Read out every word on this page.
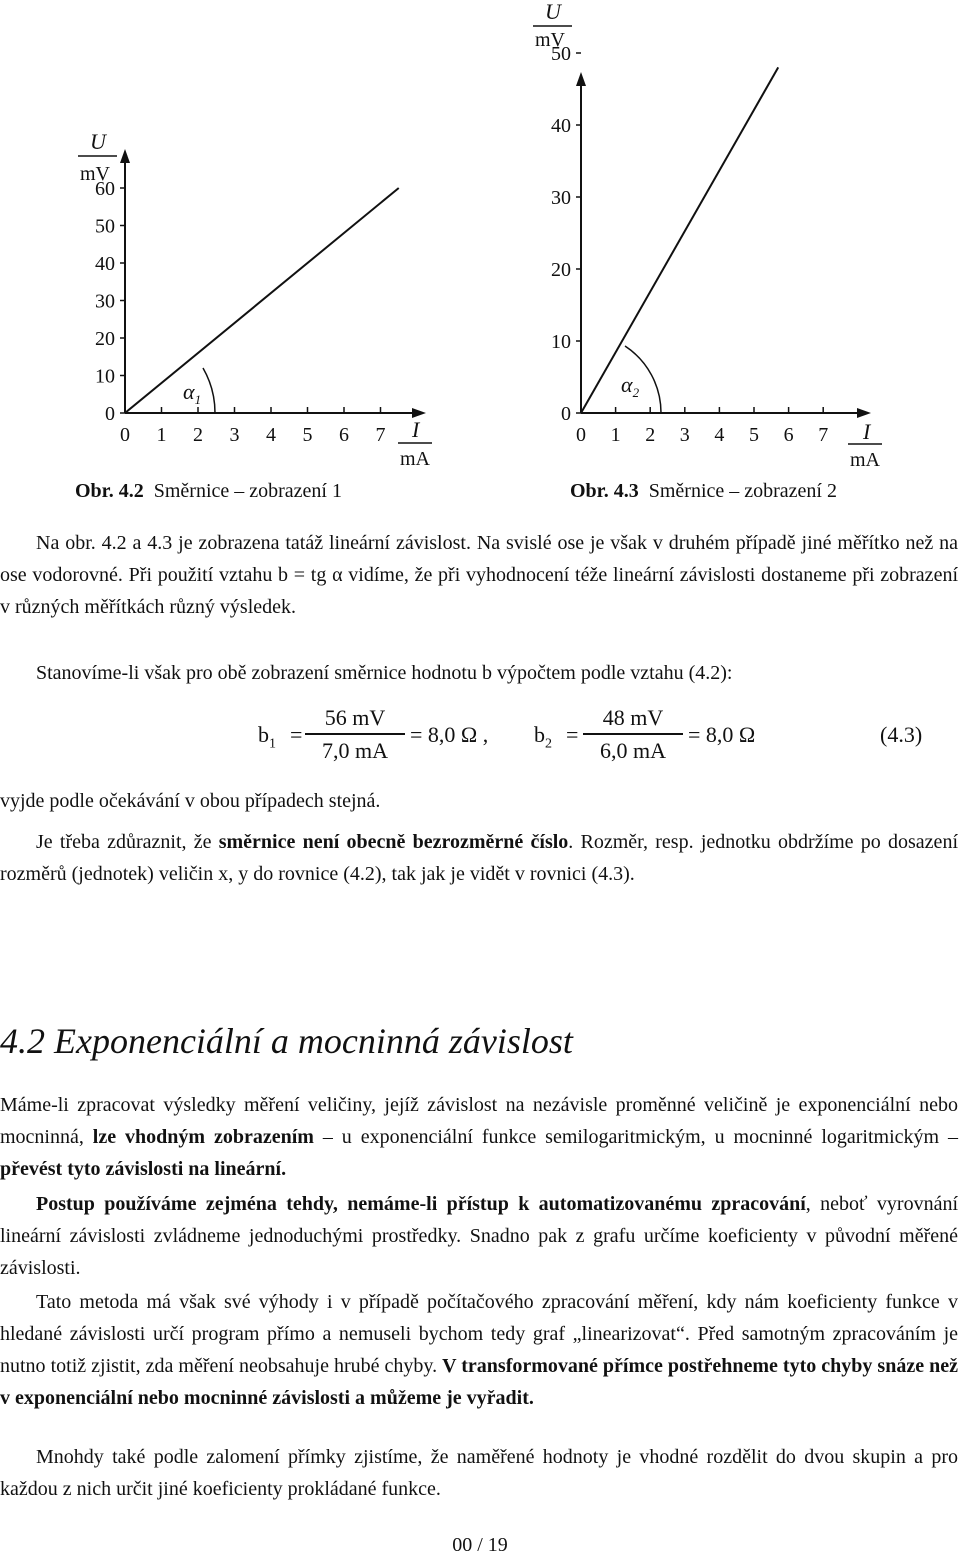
U
mV
0
10
20
30
40
50
60
0 1 2 3 4 5 6 7 I
mA
$\alpha_1$
U
mV
0
10
20
30
40
50
0 1 2 3 4 5 6 7 I
mA
$\alpha_2$
Obr. 4.2 Směrnice – zobrazení 1	Obr. 4.3 Směrnice – zobrazení 2

Na obr. 4.2 a 4.3 je zobrazena tatáž lineární závislost. Na svislé ose je však v druhém případě jiné měřítko než na ose vodorovné. Při použití vztahu b = tg α vidíme, že při vyhodnocení téže lineární závislosti dostaneme při zobrazení v různých měřítkách různý výsledek.

Stanovíme-li však pro obě zobrazení směrnice hodnotu b výpočtem podle vztahu (4.2):

$b_1$ =
56 mV
7,0 mA
= 8,0 Ω , $b_2$ =
48 mV
6,0 mA
= 8,0 Ω	(4.3)

vyjde podle očekávání v obou případech stejná.

Je třeba zdůraznit, že směrnice není obecně bezrozměrné číslo. Rozměr, resp. jednotku obdržíme po dosazení rozměrů (jednotek) veličin x, y do rovnice (4.2), tak jak je vidět v rovnici (4.3).

4.2 Exponenciální a mocninná závislost

Máme-li zpracovat výsledky měření veličiny, jejíž závislost na nezávisle proměnné veličině je exponenciální nebo mocninná, lze vhodným zobrazením – u exponenciální funkce semilogaritmickým, u mocninné logaritmickým – převést tyto závislosti na lineární.

Postup používáme zejména tehdy, nemáme-li přístup k automatizovanému zpracování, neboť vyrovnání lineární závislosti zvládneme jednoduchými prostředky. Snadno pak z grafu určíme koeficienty v původní měřené závislosti.

Tato metoda má však své výhody i v případě počítačového zpracování měření, kdy nám koeficienty funkce v hledané závislosti určí program přímo a nemuseli bychom tedy graf „linearizovat“. Před samotným zpracováním je nutno totiž zjistit, zda měření neobsahuje hrubé chyby. V transformované přímce postřehneme tyto chyby snáze než v exponenciální nebo mocninné závislosti a můžeme je vyřadit.

Mnohdy také podle zalomení přímky zjistíme, že naměřené hodnoty je vhodné rozdělit do dvou skupin a pro každou z nich určit jiné koeficienty prokládané funkce.

00 / 19
